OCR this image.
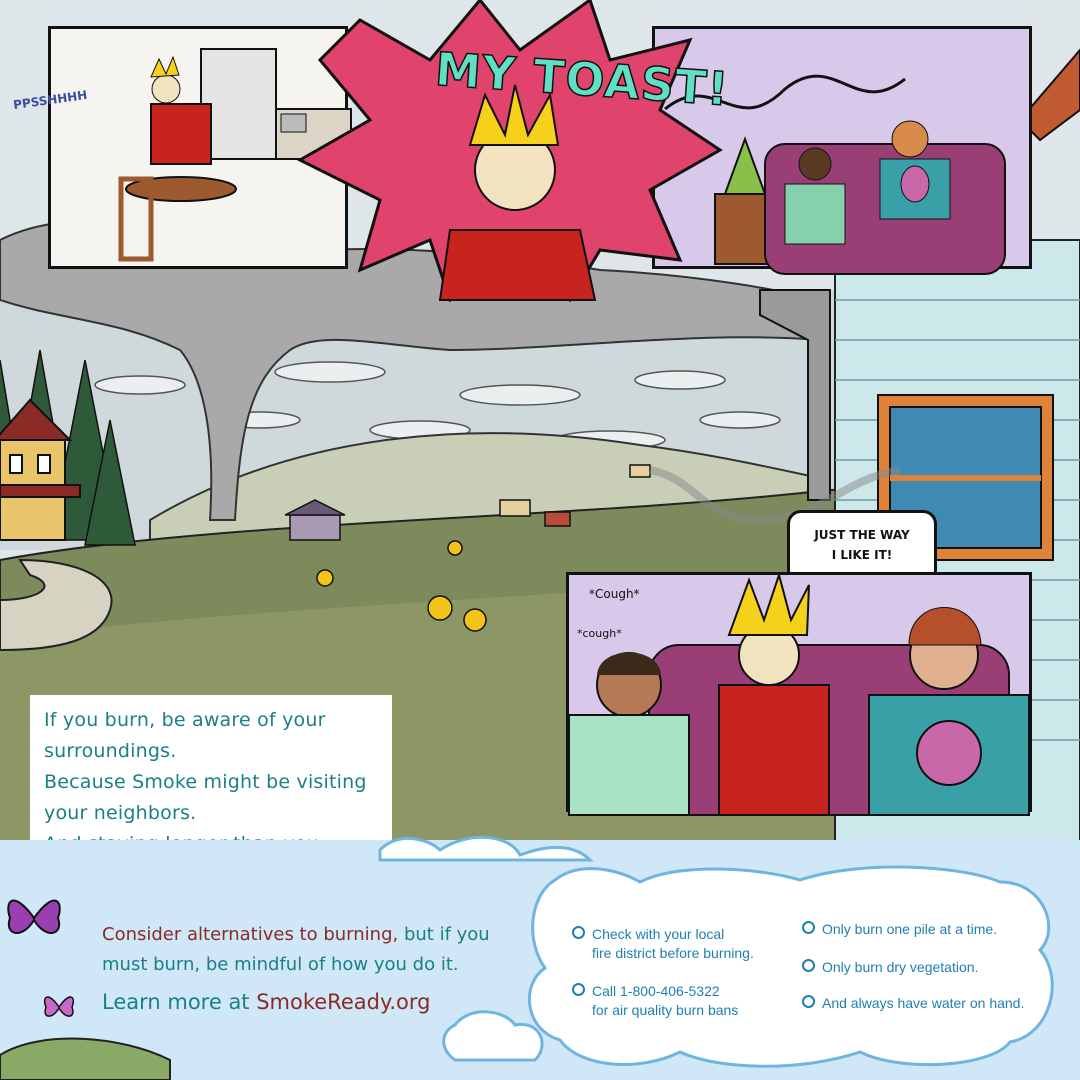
PPSSHHHH	MY TOAST!
JUST THE WAY
I LIKE IT!
*Cough*
*cough*

If you burn, be aware of your surroundings.

Because Smoke might be visiting your neighbors.

Consider alternatives to burning, but if you
must burn, be mindful of how you do it.
Learn more at SmokeReady.org
Check with your local
fire district before burning.
Call 1-800-406-5322
for air quality burn bans
Only burn one pile at a time.
Only burn dry vegetation.
And always have water on hand.
